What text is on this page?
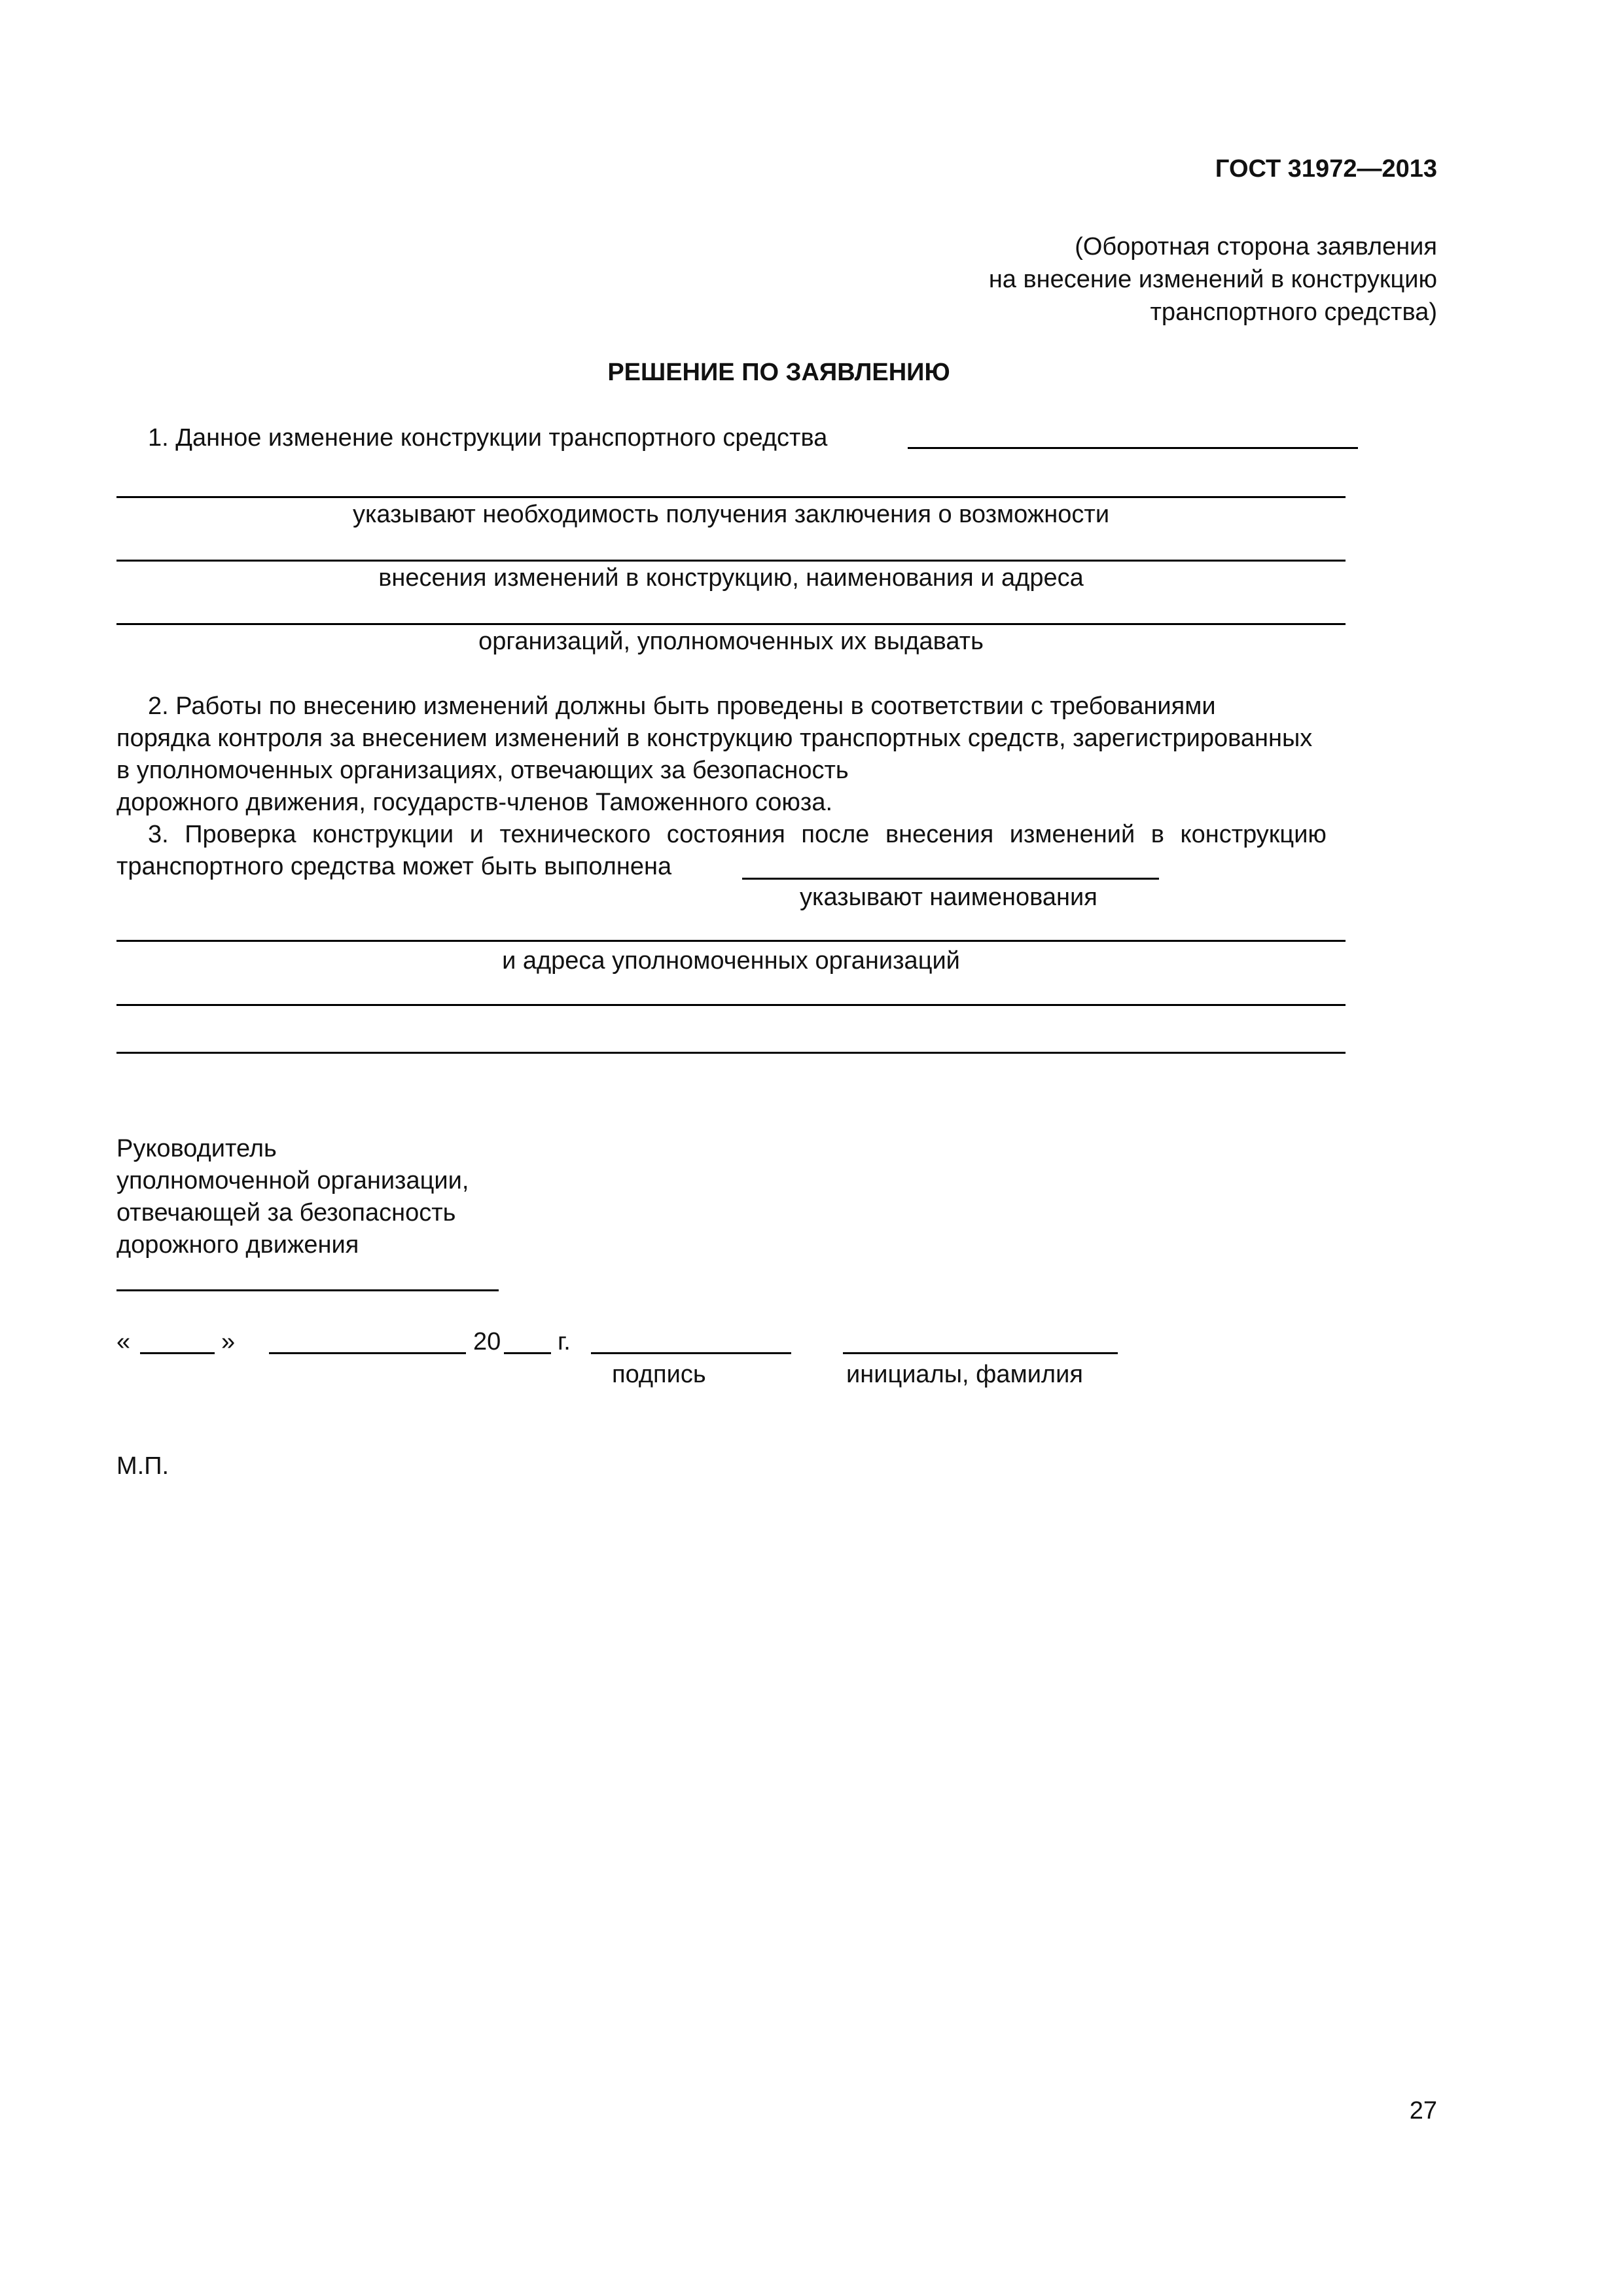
ГОСТ 31972—2013
(Оборотная сторона заявления
на внесение изменений в конструкцию
транспортного средства)
РЕШЕНИЕ ПО ЗАЯВЛЕНИЮ
1. Данное изменение конструкции транспортного средства
указывают необходимость получения заключения о возможности
внесения изменений в конструкцию, наименования и адреса
организаций, уполномоченных их выдавать
2. Работы по внесению изменений должны быть проведены в соответствии с требованиями
порядка контроля за внесением изменений в конструкцию транспортных средств, зарегистрированных
в уполномоченных организациях, отвечающих за безопасность
дорожного движения, государств-членов Таможенного союза.
3. Проверка конструкции и технического состояния после внесения изменений в конструкцию
транспортного средства может быть выполнена
указывают наименования
и адреса уполномоченных организаций
Руководитель
уполномоченной организации,
отвечающей за безопасность
дорожного движения
«	»	20 г.
подпись	инициалы, фамилия
М.П.
27
